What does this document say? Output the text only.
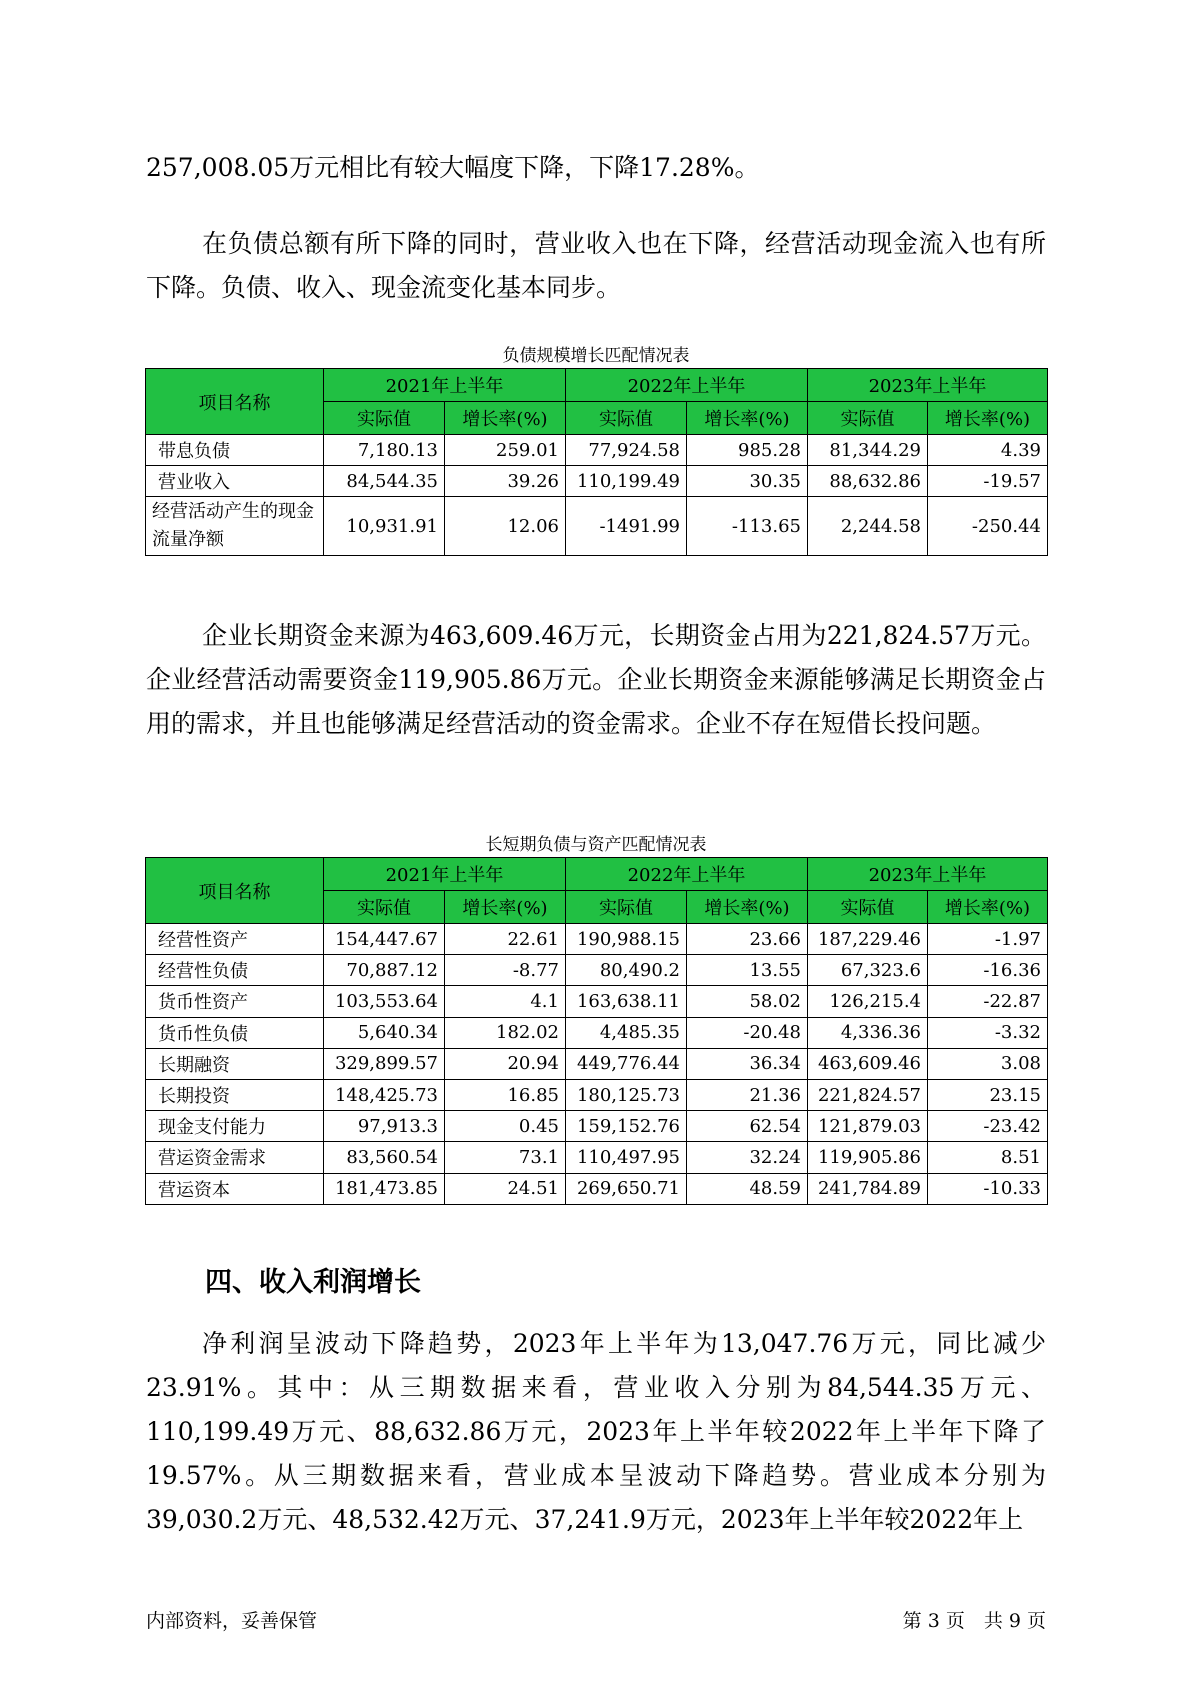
257,008.05万元相比有较大幅度下降，下降17.28%。

在负债总额有所下降的同时，营业收入也在下降，经营活动现金流入也有所下降。负债、收入、现金流变化基本同步。

负债规模增长匹配情况表
项目名称	2021年上半年		2022年上半年		2023年上半年	
	实际值	增长率(%)	实际值	增长率(%)	实际值	增长率(%)
带息负债	7,180.13	259.01	77,924.58	985.28	81,344.29	4.39
营业收入	84,544.35	39.26	110,199.49	30.35	88,632.86	-19.57
经营活动产生的现金流量净额	10,931.91	12.06	-1491.99	-113.65	2,244.58	-250.44

企业长期资金来源为463,609.46万元，长期资金占用为221,824.57万元。企业经营活动需要资金119,905.86万元。企业长期资金来源能够满足长期资金占用的需求，并且也能够满足经营活动的资金需求。企业不存在短借长投问题。

长短期负债与资产匹配情况表
项目名称	2021年上半年		2022年上半年		2023年上半年	
	实际值	增长率(%)	实际值	增长率(%)	实际值	增长率(%)
经营性资产	154,447.67	22.61	190,988.15	23.66	187,229.46	-1.97
经营性负债	70,887.12	-8.77	80,490.2	13.55	67,323.6	-16.36
货币性资产	103,553.64	4.1	163,638.11	58.02	126,215.4	-22.87
货币性负债	5,640.34	182.02	4,485.35	-20.48	4,336.36	-3.32
长期融资	329,899.57	20.94	449,776.44	36.34	463,609.46	3.08
长期投资	148,425.73	16.85	180,125.73	21.36	221,824.57	23.15
现金支付能力	97,913.3	0.45	159,152.76	62.54	121,879.03	-23.42
营运资金需求	83,560.54	73.1	110,497.95	32.24	119,905.86	8.51
营运资本	181,473.85	24.51	269,650.71	48.59	241,784.89	-10.33
四、收入利润增长

净利润呈波动下降趋势，2023年上半年为13,047.76万元，同比减少23.91%。其中：从三期数据来看，营业收入分别为84,544.35万元、110,199.49万元、88,632.86万元，2023年上半年较2022年上半年下降了19.57%。从三期数据来看，营业成本呈波动下降趋势。营业成本分别为39,030.2万元、48,532.42万元、37,241.9万元，2023年上半年较2022年上

内部资料，妥善保管	第 3 页　共 9 页
